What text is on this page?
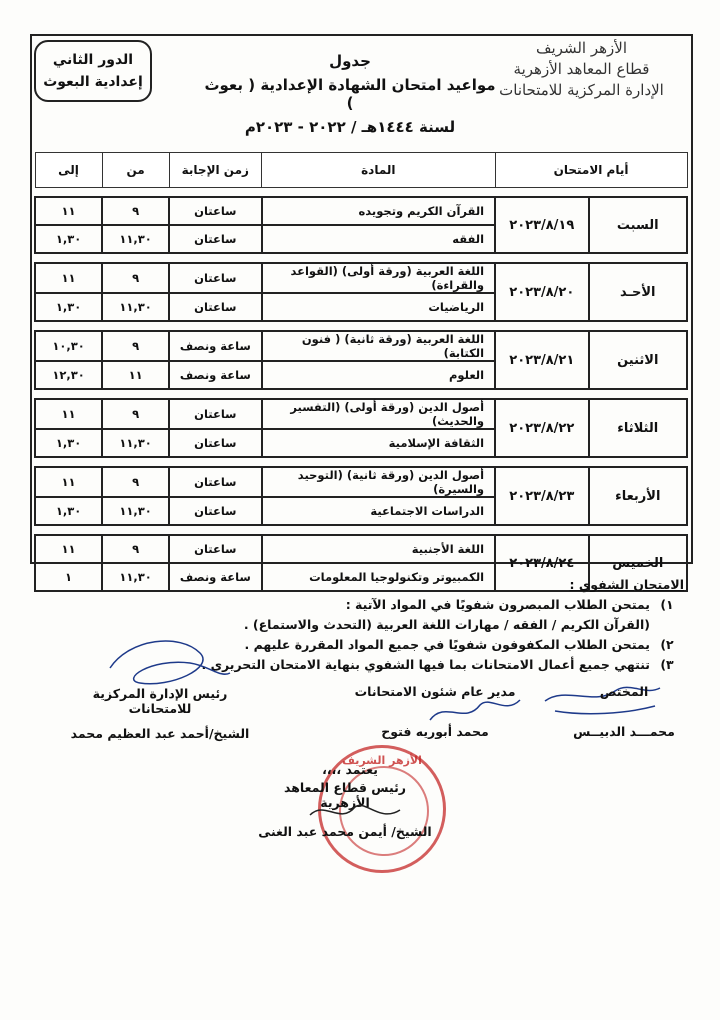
الدور الثاني
إعدادية البعوث
الأزهر الشريف
قطاع المعاهد الأزهرية
الإدارة المركزية للامتحانات
جدول
مواعيد امتحان الشهادة الإعدادية ( بعوث )
لسنة ١٤٤٤هـ / ٢٠٢٢ - ٢٠٢٣م
أيام الامتحان		المادة	زمن الإجابة	من	إلى

السبت	٢٠٢٣/٨/١٩	القرآن الكريم وتجويده	ساعتان	٩	١١
		الفقه	ساعتان	١١,٣٠	١,٣٠

الأحـد	٢٠٢٣/٨/٢٠	اللغة العربية (ورقة أولى) (القواعد والقراءة)	ساعتان	٩	١١
		الرياضيات	ساعتان	١١,٣٠	١,٣٠

الاثنين	٢٠٢٣/٨/٢١	اللغة العربية (ورقة ثانية) ( فنون الكتابة)	ساعة ونصف	٩	١٠,٣٠
		العلوم	ساعة ونصف	١١	١٢,٣٠

الثلاثاء	٢٠٢٣/٨/٢٢	أصول الدين (ورقة أولى) (التفسير والحديث)	ساعتان	٩	١١
		الثقافة الإسلامية	ساعتان	١١,٣٠	١,٣٠

الأربعاء	٢٠٢٣/٨/٢٣	أصول الدين (ورقة ثانية) (التوحيد والسيرة)	ساعتان	٩	١١
		الدراسات الاجتماعية	ساعتان	١١,٣٠	١,٣٠

الخميس	٢٠٢٣/٨/٢٤	اللغة الأجنبية	ساعتان	٩	١١
		الكمبيوتر وتكنولوجيا المعلومات	ساعة ونصف	١١,٣٠	١	الامتحان الشفوي :
١)
يمتحن الطلاب المبصرون شفويًا في المواد الآتية :
(القرآن الكريم / الفقه / مهارات اللغة العربية (التحدث والاستماع) .
٢)
يمتحن الطلاب المكفوفون شفويًا في جميع المواد المقررة عليهم .
٣)
تنتهي جميع أعمال الامتحانات بما فيها الشفوي بنهاية الامتحان التحريري .
المختص
محمـــد الدبيــس
مدير عام شئون الامتحانات
محمد أبوريه فتوح
رئيس الإدارة المركزية للامتحانات
الشيخ/أحمد عبد العظيم محمد
الأزهر الشريف
يعتمد ،،،،
رئيس قطاع المعاهد الأزهرية
الشيخ/ أيمن محمد عبد الغنى
